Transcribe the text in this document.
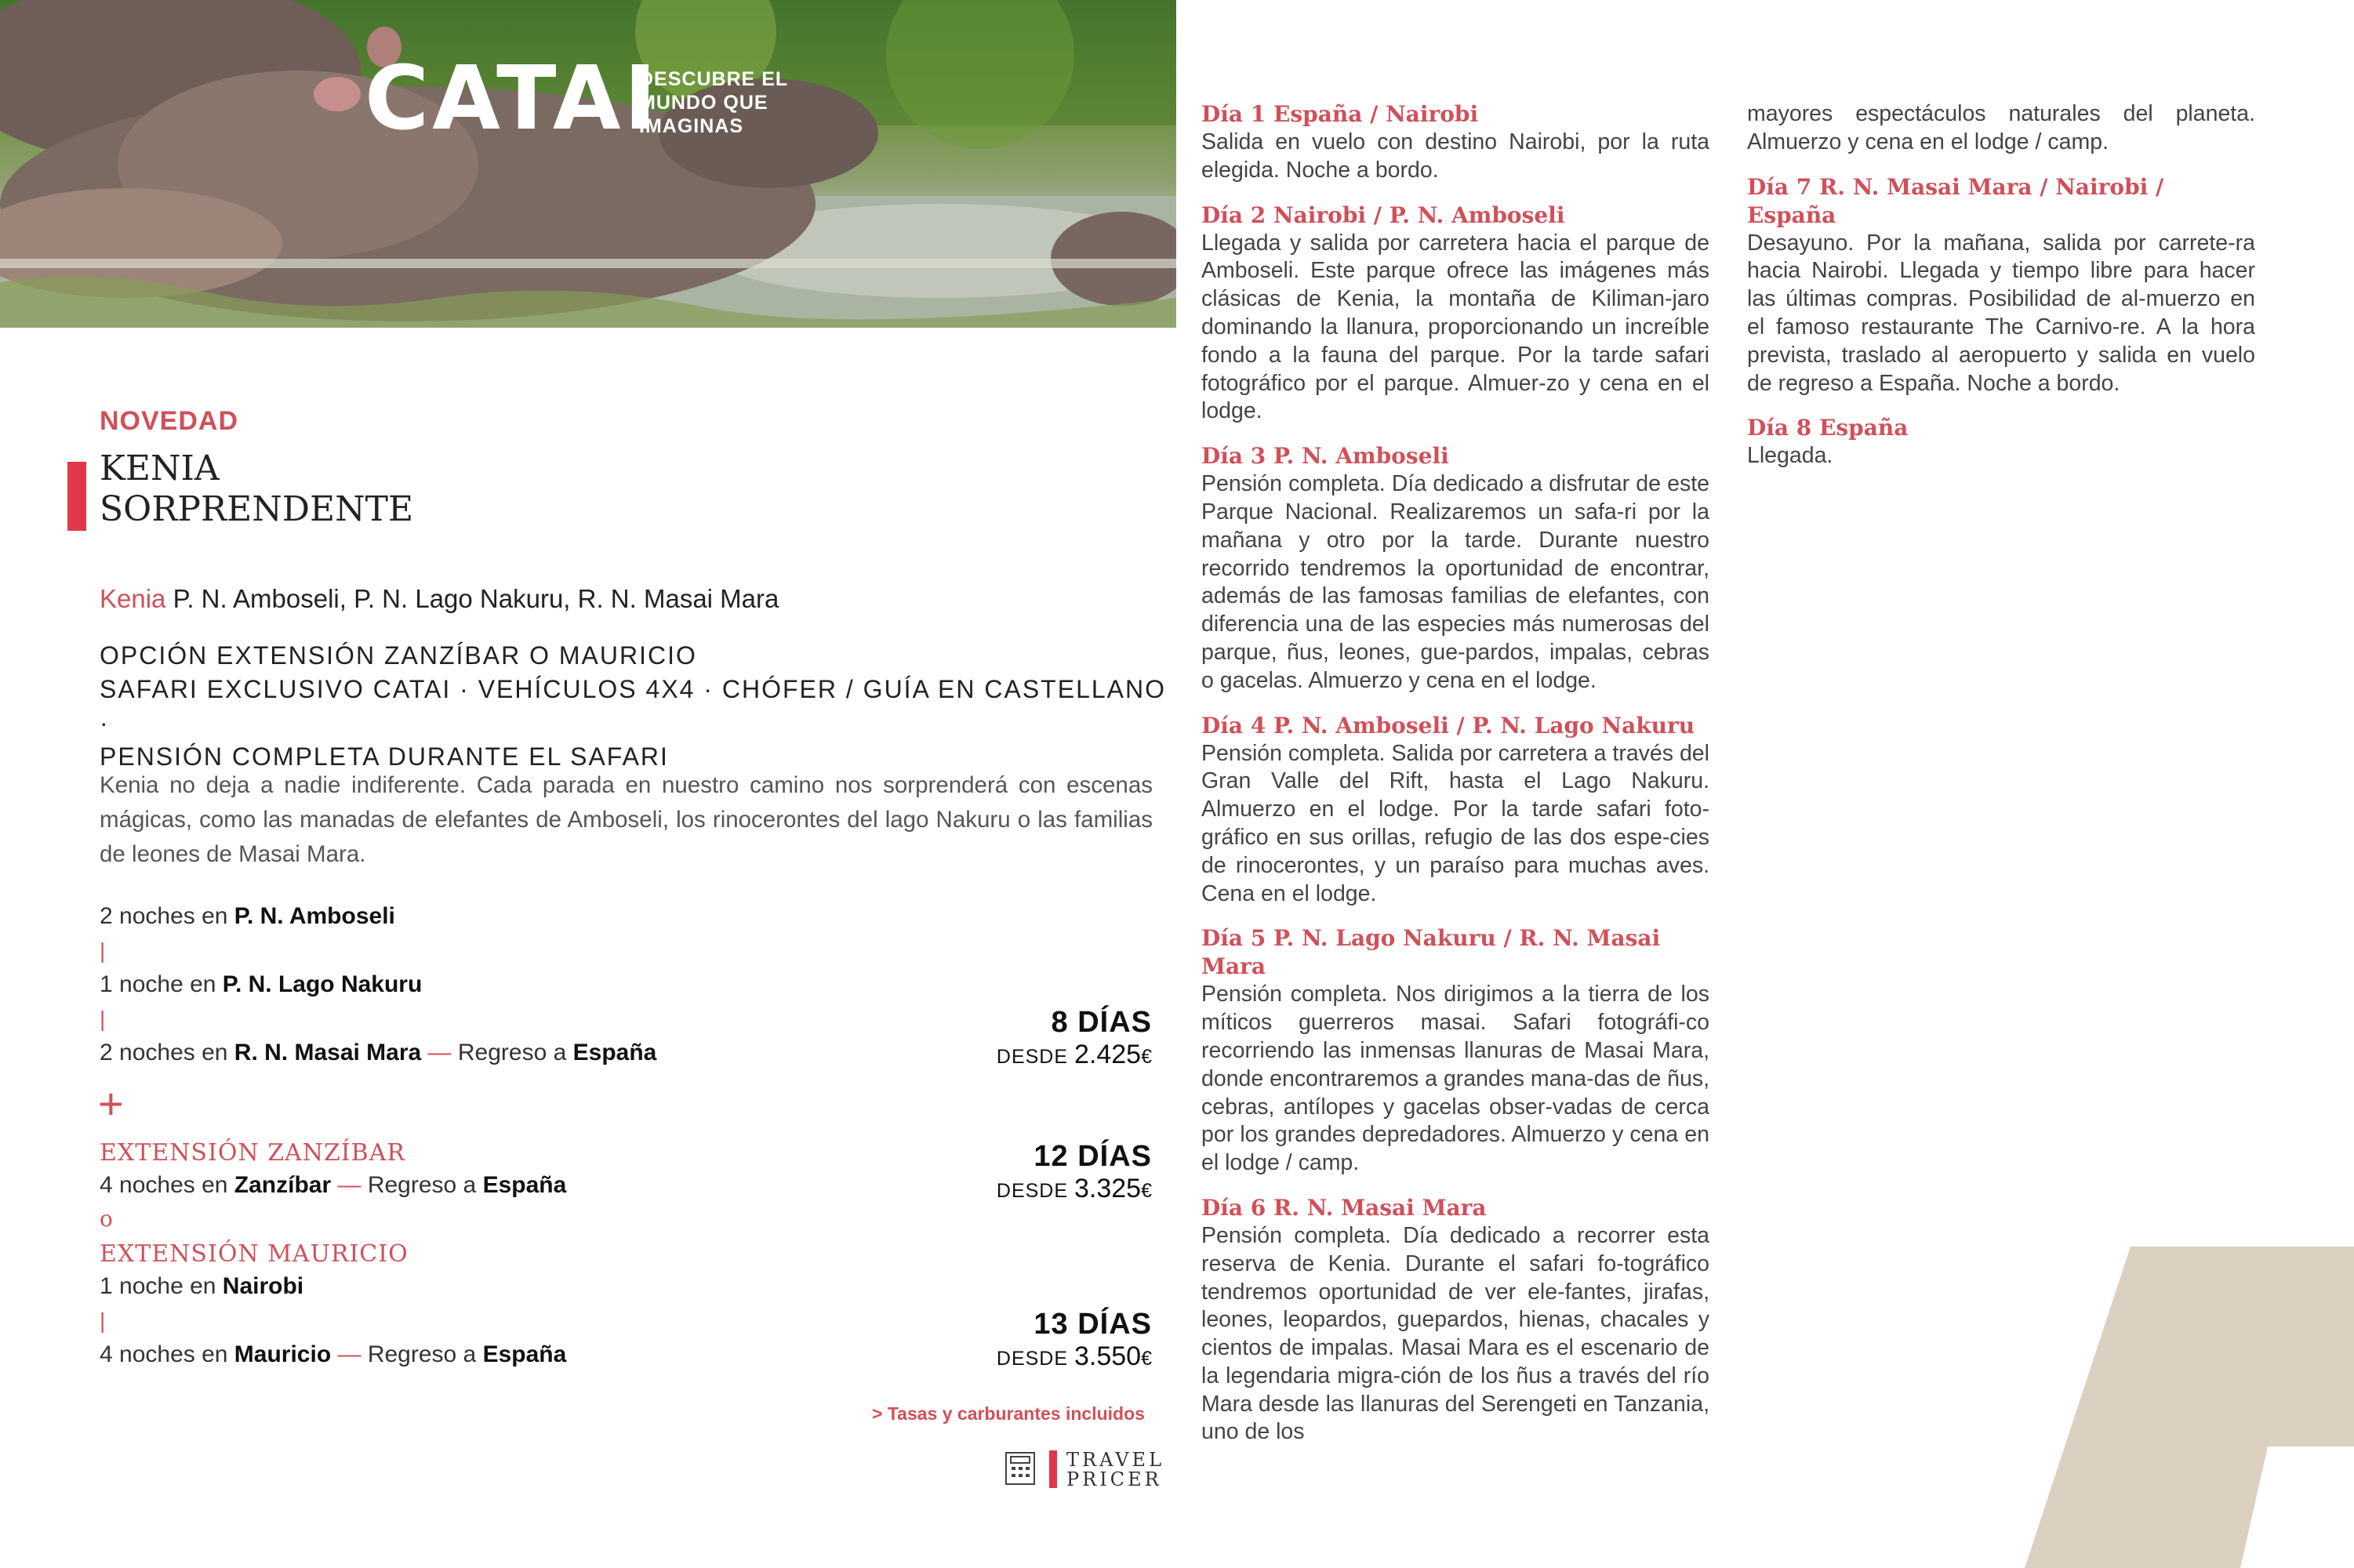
CATAI
DESCUBRE EL MUNDO QUE IMAGINAS
NOVEDAD
KENIA
SORPRENDENTE
Kenia P. N. Amboseli, P. N. Lago Nakuru, R. N. Masai Mara
OPCIÓN EXTENSIÓN ZANZÍBAR O MAURICIO
SAFARI EXCLUSIVO CATAI · VEHÍCULOS 4X4 · CHÓFER / GUÍA EN CASTELLANO ·
PENSIÓN COMPLETA DURANTE EL SAFARI
Kenia no deja a nadie indiferente. Cada parada en nuestro camino nos sorprenderá con escenas mágicas, como las manadas de elefantes de Amboseli, los rinocerontes del lago Nakuru o las familias de leones de Masai Mara.
2 noches en P. N. Amboseli
|
1 noche en P. N. Lago Nakuru
|
2 noches en R. N. Masai Mara — Regreso a España
+
EXTENSIÓN ZANZÍBAR
4 noches en Zanzíbar — Regreso a España
o
EXTENSIÓN MAURICIO
1 noche en Nairobi
|
4 noches en Mauricio — Regreso a España
8 DÍAS
DESDE 2.425€
12 DÍAS
DESDE 3.325€
13 DÍAS
DESDE 3.550€
> Tasas y carburantes incluidos
TRAVEL
PRICER
Día 1 España / Nairobi

Salida en vuelo con destino Nairobi, por la ruta elegida. Noche a bordo.

Día 2 Nairobi / P. N. Amboseli

Llegada y salida por carretera hacia el parque de Amboseli. Este parque ofrece las imágenes más clásicas de Kenia, la montaña de Kiliman-jaro dominando la llanura, proporcionando un increíble fondo a la fauna del parque. Por la tarde safari fotográfico por el parque. Almuer-zo y cena en el lodge.

Día 3 P. N. Amboseli

Pensión completa. Día dedicado a disfrutar de este Parque Nacional. Realizaremos un safa-ri por la mañana y otro por la tarde. Durante nuestro recorrido tendremos la oportunidad de encontrar, además de las famosas familias de elefantes, con diferencia una de las especies más numerosas del parque, ñus, leones, gue-pardos, impalas, cebras o gacelas. Almuerzo y cena en el lodge.

Día 4 P. N. Amboseli / P. N. Lago Nakuru

Pensión completa. Salida por carretera a través del Gran Valle del Rift, hasta el Lago Nakuru. Almuerzo en el lodge. Por la tarde safari foto-gráfico en sus orillas, refugio de las dos espe-cies de rinocerontes, y un paraíso para muchas aves. Cena en el lodge.

Día 5 P. N. Lago Nakuru / R. N. Masai Mara

Pensión completa. Nos dirigimos a la tierra de los míticos guerreros masai. Safari fotográfi-co recorriendo las inmensas llanuras de Masai Mara, donde encontraremos a grandes mana-das de ñus, cebras, antílopes y gacelas obser-vadas de cerca por los grandes depredadores. Almuerzo y cena en el lodge / camp.

Día 6 R. N. Masai Mara

Pensión completa. Día dedicado a recorrer esta reserva de Kenia. Durante el safari fo-tográfico tendremos oportunidad de ver ele-fantes, jirafas, leones, leopardos, guepardos, hienas, chacales y cientos de impalas. Masai Mara es el escenario de la legendaria migra-ción de los ñus a través del río Mara desde las llanuras del Serengeti en Tanzania, uno de los

mayores espectáculos naturales del planeta. Almuerzo y cena en el lodge / camp.

Día 7 R. N. Masai Mara / Nairobi / España

Desayuno. Por la mañana, salida por carrete-ra hacia Nairobi. Llegada y tiempo libre para hacer las últimas compras. Posibilidad de al-muerzo en el famoso restaurante The Carnivo-re. A la hora prevista, traslado al aeropuerto y salida en vuelo de regreso a España. Noche a bordo.

Día 8 España

Llegada.
